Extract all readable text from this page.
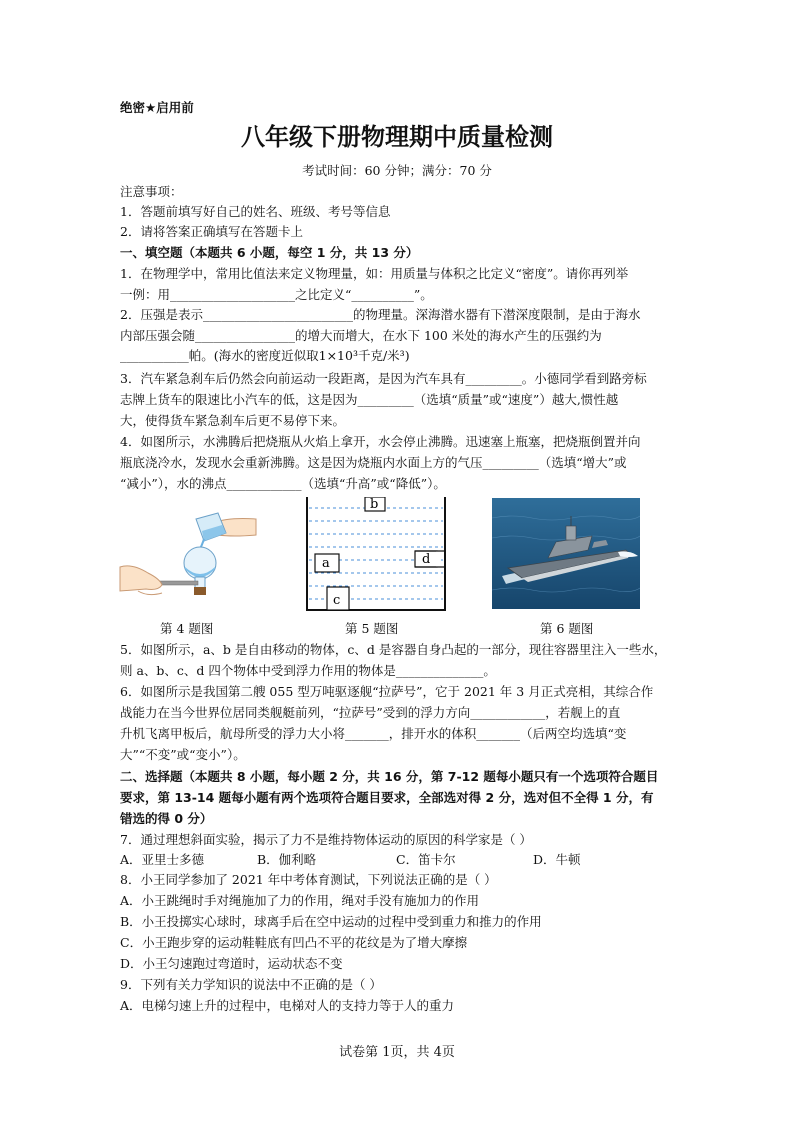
绝密★启用前
八年级下册物理期中质量检测
考试时间：60 分钟；满分：70 分
注意事项：
1．答题前填写好自己的姓名、班级、考号等信息
2．请将答案正确填写在答题卡上
一、填空题（本题共 6 小题，每空 1 分，共 13 分）
1．在物理学中，常用比值法来定义物理量，如：用质量与体积之比定义“密度”。请你再列举
一例：用____________________之比定义“__________”。
2．压强是表示________________________的物理量。深海潜水器有下潜深度限制，是由于海水
内部压强会随________________的增大而增大，在水下 100 米处的海水产生的压强约为
___________帕。(海水的密度近似取1×10³千克/米³)
3．汽车紧急刹车后仍然会向前运动一段距离，是因为汽车具有_________。小德同学看到路旁标
志牌上货车的限速比小汽车的低，这是因为_________（选填“质量”或“速度”）越大,惯性越
大，使得货车紧急刹车后更不易停下来。
4．如图所示，水沸腾后把烧瓶从火焰上拿开，水会停止沸腾。迅速塞上瓶塞，把烧瓶倒置并向
瓶底浇冷水，发现水会重新沸腾。这是因为烧瓶内水面上方的气压_________（选填“增大”或
“减小”），水的沸点____________（选填“升高”或“降低”）。
b
a	d
c
第 4 题图	第 5 题图	第 6 题图
5．如图所示，a、b 是自由移动的物体，c、d 是容器自身凸起的一部分，现往容器里注入一些水，
则 a、b、c、d 四个物体中受到浮力作用的物体是______________。
6．如图所示是我国第二艘 055 型万吨驱逐舰“拉萨号”，它于 2021 年 3 月正式亮相，其综合作
战能力在当今世界位居同类舰艇前列，“拉萨号”受到的浮力方向____________，若舰上的直
升机飞离甲板后，航母所受的浮力大小将_______，排开水的体积_______（后两空均选填“变
大”“不变”或“变小”）。
二、选择题（本题共 8 小题，每小题 2 分，共 16 分，第 7-12 题每小题只有一个选项符合题目
要求，第 13-14 题每小题有两个选项符合题目要求，全部选对得 2 分，选对但不全得 1 分，有
错选的得 0 分）
7．通过理想斜面实验，揭示了力不是维持物体运动的原因的科学家是（ ）
A．亚里士多德	B．伽利略	C．笛卡尔	D．牛顿
8．小王同学参加了 2021 年中考体育测试，下列说法正确的是（ ）
A．小王跳绳时手对绳施加了力的作用，绳对手没有施加力的作用
B．小王投掷实心球时，球离手后在空中运动的过程中受到重力和推力的作用
C．小王跑步穿的运动鞋鞋底有凹凸不平的花纹是为了增大摩擦
D．小王匀速跑过弯道时，运动状态不变
9．下列有关力学知识的说法中不正确的是（ ）
A．电梯匀速上升的过程中，电梯对人的支持力等于人的重力
试卷第 1页，共 4页
